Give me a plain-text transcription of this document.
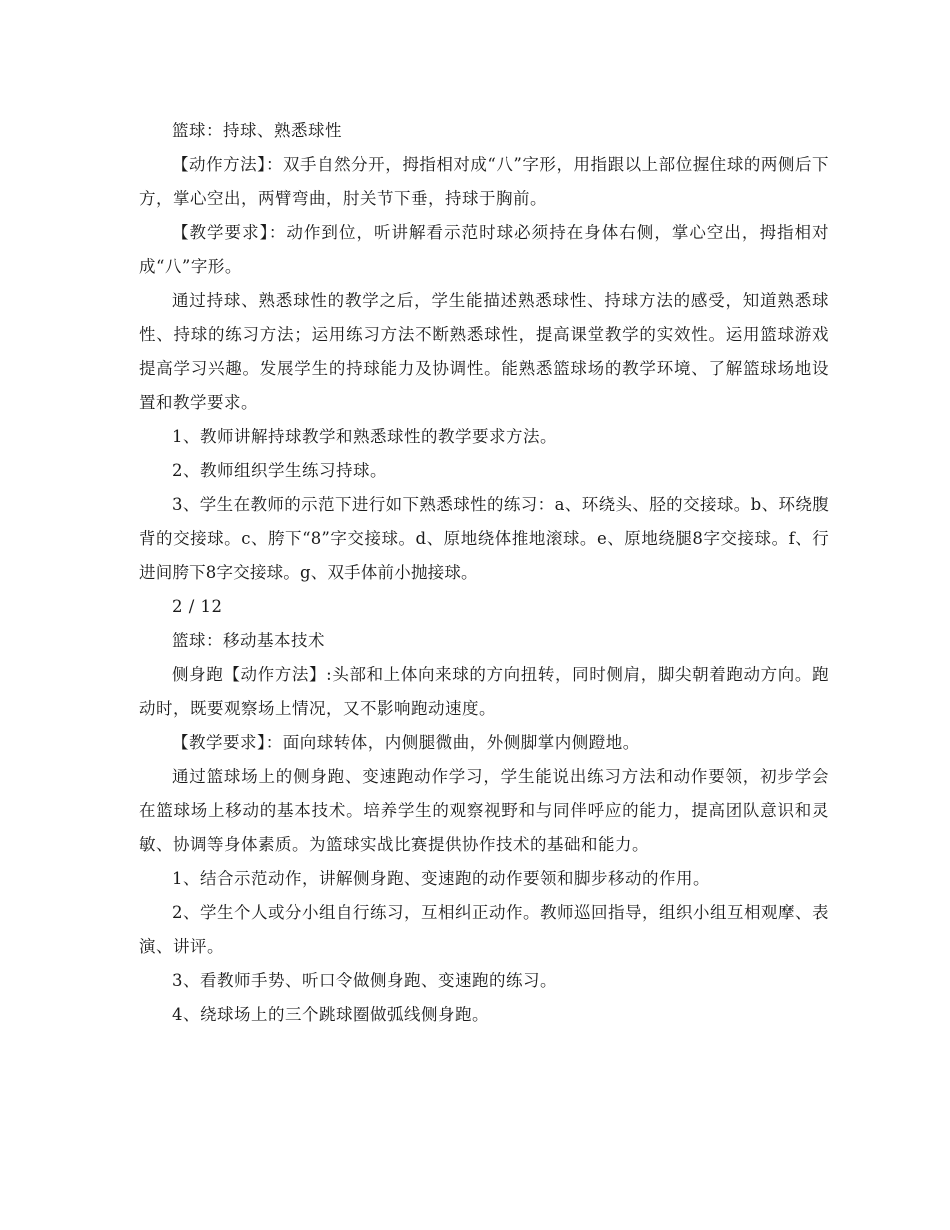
篮球：持球、熟悉球性

【动作方法】：双手自然分开，拇指相对成“八”字形，用指跟以上部位握住球的两侧后下方，掌心空出，两臂弯曲，肘关节下垂，持球于胸前。

【教学要求】：动作到位，听讲解看示范时球必须持在身体右侧，掌心空出，拇指相对成“八”字形。

通过持球、熟悉球性的教学之后，学生能描述熟悉球性、持球方法的感受，知道熟悉球性、持球的练习方法；运用练习方法不断熟悉球性，提高课堂教学的实效性。运用篮球游戏提高学习兴趣。发展学生的持球能力及协调性。能熟悉篮球场的教学环境、了解篮球场地设置和教学要求。

1、教师讲解持球教学和熟悉球性的教学要求方法。

2、教师组织学生练习持球。

3、学生在教师的示范下进行如下熟悉球性的练习：a、环绕头、胫的交接球。b、环绕腹背的交接球。c、胯下“8”字交接球。d、原地绕体推地滚球。e、原地绕腿8字交接球。f、行进间胯下8字交接球。g、双手体前小抛接球。

2 / 12

篮球：移动基本技术

侧身跑【动作方法】:头部和上体向来球的方向扭转，同时侧肩，脚尖朝着跑动方向。跑动时，既要观察场上情况，又不影响跑动速度。

【教学要求】：面向球转体，内侧腿微曲，外侧脚掌内侧蹬地。

通过篮球场上的侧身跑、变速跑动作学习，学生能说出练习方法和动作要领，初步学会在篮球场上移动的基本技术。培养学生的观察视野和与同伴呼应的能力，提高团队意识和灵敏、协调等身体素质。为篮球实战比赛提供协作技术的基础和能力。

1、结合示范动作，讲解侧身跑、变速跑的动作要领和脚步移动的作用。

2、学生个人或分小组自行练习，互相纠正动作。教师巡回指导，组织小组互相观摩、表演、讲评。

3、看教师手势、听口令做侧身跑、变速跑的练习。

4、绕球场上的三个跳球圈做弧线侧身跑。
